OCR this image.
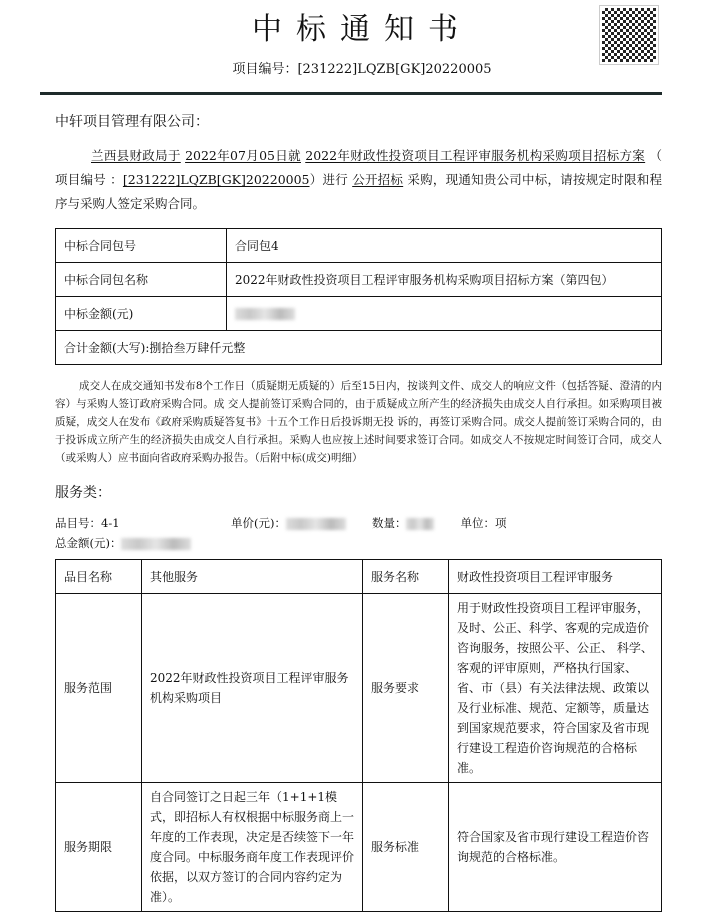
中标通知书
项目编号：[231222]LQZB[GK]20220005
中轩项目管理有限公司：
兰西县财政局于 2022年07月05日就 2022年财政性投资项目工程评审服务机构采购项目招标方案 （ 项目编号 ：[231222]LQZB[GK]20220005）进行 公开招标 采购，现通知贵公司中标，请按规定时限和程序与采购人签定采购合同。
中标合同包号	合同包4
中标合同包名称	2022年财政性投资项目工程评审服务机构采购项目招标方案（第四包）
中标金额(元)	
合计金额(大写):捌拾叁万肆仟元整	
成交人在成交通知书发布8个工作日（质疑期无质疑的）后至15日内，按谈判文件、成交人的响应文件（包括答疑、澄清的内容）与采购人签订政府采购合同。成 交人提前签订采购合同的，由于质疑成立所产生的经济损失由成交人自行承担。如采购项目被质疑，成交人在发布《政府采购质疑答复书》十五个工作日后投诉期无投 诉的，再签订采购合同。成交人提前签订采购合同的，由于投诉成立所产生的经济损失由成交人自行承担。采购人也应按上述时间要求签订合同。如成交人不按规定时间签订合同，成交人（或采购人）应书面向省政府采购办报告。（后附中标(成交)明细）
服务类：
品目号：4-1	单价(元)：	数量：	单位：项
总金额(元)：
品目名称	其他服务	服务名称	财政性投资项目工程评审服务
服务范围	2022年财政性投资项目工程评审服务机构采购项目	服务要求	用于财政性投资项目工程评审服务，及时、公正、科学、客观的完成造价咨询服务，按照公平、公正、 科学、客观的评审原则，严格执行国家、省、市（县）有关法律法规、政策以及行业标准、规范、定额等，质量达到国家规范要求，符合国家及省市现行建设工程造价咨询规范的合格标准。
服务期限	自合同签订之日起三年（1+1+1模式，即招标人有权根据中标服务商上一年度的工作表现，决定是否续签下一年度合同。中标服务商年度工作表现评价依据，以双方签订的合同内容约定为准）。	服务标准	符合国家及省市现行建设工程造价咨询规范的合格标准。
